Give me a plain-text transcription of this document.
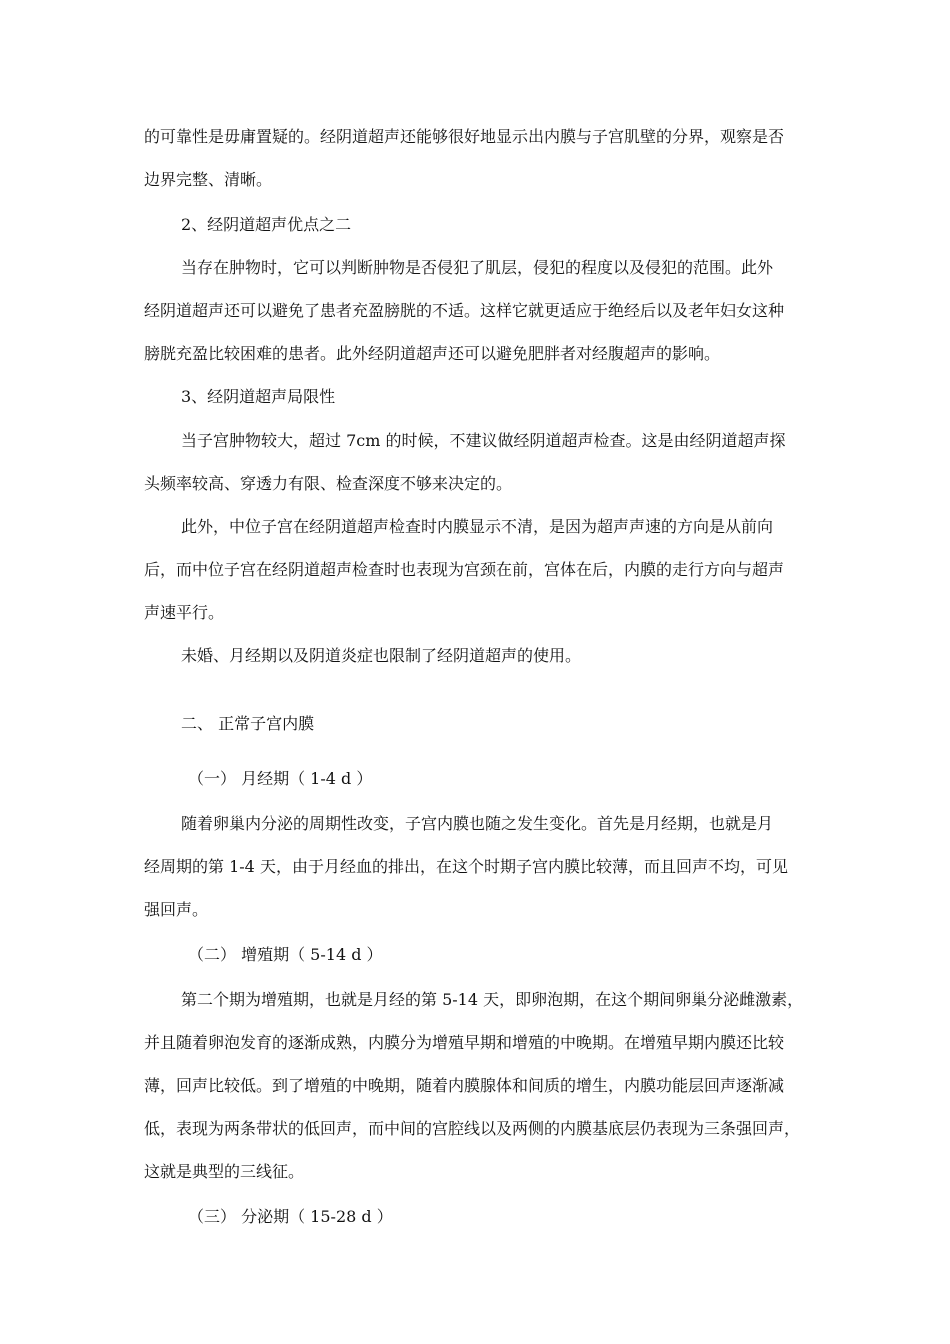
的可靠性是毋庸置疑的。经阴道超声还能够很好地显示出内膜与子宫肌壁的分界，观察是否
边界完整、清晰。
2、经阴道超声优点之二
当存在肿物时，它可以判断肿物是否侵犯了肌层，侵犯的程度以及侵犯的范围。此外
经阴道超声还可以避免了患者充盈膀胱的不适。这样它就更适应于绝经后以及老年妇女这种
膀胱充盈比较困难的患者。此外经阴道超声还可以避免肥胖者对经腹超声的影响。
3、经阴道超声局限性
当子宫肿物较大，超过 7cm 的时候，不建议做经阴道超声检查。这是由经阴道超声探
头频率较高、穿透力有限、检查深度不够来决定的。
此外，中位子宫在经阴道超声检查时内膜显示不清，是因为超声声速的方向是从前向
后，而中位子宫在经阴道超声检查时也表现为宫颈在前，宫体在后，内膜的走行方向与超声
声速平行。
未婚、月经期以及阴道炎症也限制了经阴道超声的使用。
二、 正常子宫内膜
（一） 月经期（ 1-4 d ）
随着卵巢内分泌的周期性改变，子宫内膜也随之发生变化。首先是月经期，也就是月
经周期的第 1-4 天，由于月经血的排出，在这个时期子宫内膜比较薄，而且回声不均，可见
强回声。
（二） 增殖期（ 5-14 d ）
第二个期为增殖期，也就是月经的第 5-14 天，即卵泡期，在这个期间卵巢分泌雌激素，
并且随着卵泡发育的逐渐成熟，内膜分为增殖早期和增殖的中晚期。在增殖早期内膜还比较
薄，回声比较低。到了增殖的中晚期，随着内膜腺体和间质的增生，内膜功能层回声逐渐减
低，表现为两条带状的低回声，而中间的宫腔线以及两侧的内膜基底层仍表现为三条强回声，
这就是典型的三线征。
（三） 分泌期（ 15-28 d ）
